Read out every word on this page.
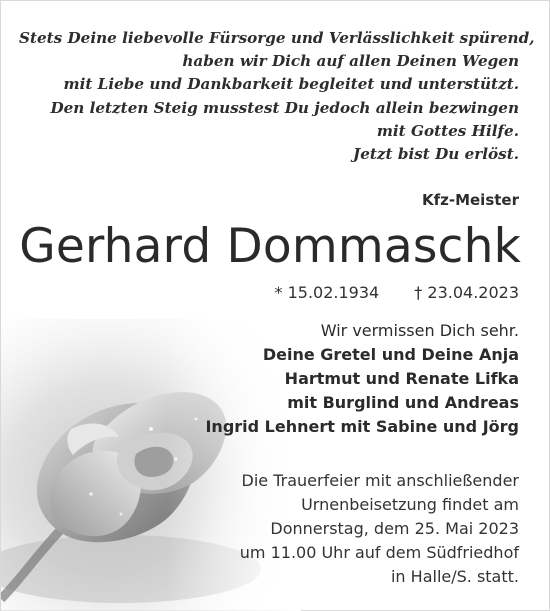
Stets Deine liebevolle Fürsorge und Verlässlichkeit spürend,
haben wir Dich auf allen Deinen Wegen
mit Liebe und Dankbarkeit begleitet und unterstützt.
Den letzten Steig musstest Du jedoch allein bezwingen
mit Gottes Hilfe.
Jetzt bist Du erlöst.
Kfz-Meister
Gerhard Dommaschk
* 15.02.1934 † 23.04.2023
Wir vermissen Dich sehr.
Deine Gretel und Deine Anja
Hartmut und Renate Lifka
mit Burglind und Andreas
Ingrid Lehnert mit Sabine und Jörg
Die Trauerfeier mit anschließender
Urnenbeisetzung findet am
Donnerstag, dem 25. Mai 2023
um 11.00 Uhr auf dem Südfriedhof
in Halle/S. statt.
